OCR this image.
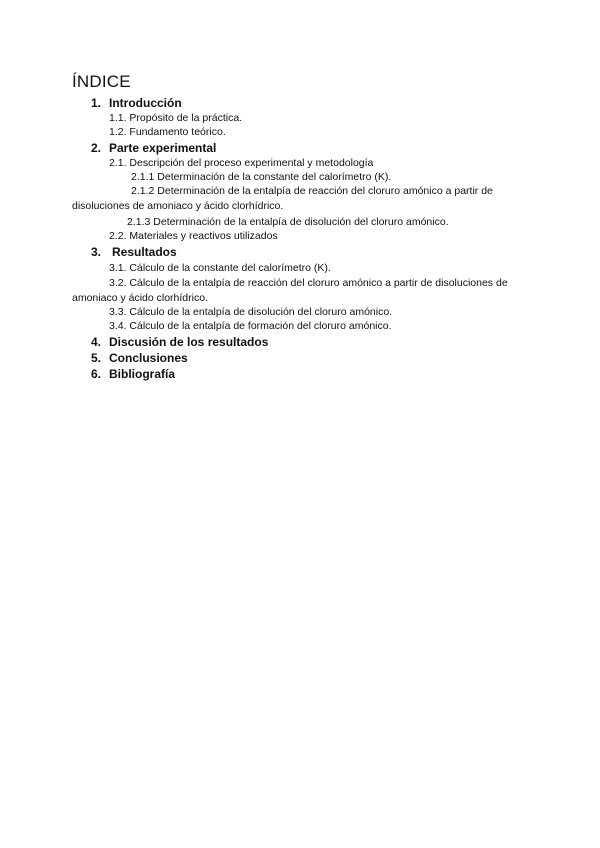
ÍNDICE
1. Introducción
1.1. Propósito de la práctica.
1.2. Fundamento teórico.
2. Parte experimental
2.1. Descripción del proceso experimental y metodología
2.1.1 Determinación de la constante del calorímetro (K).
2.1.2 Determinación de la entalpía de reacción del cloruro amónico a partir de disoluciones de amoniaco y ácido clorhídrico.
2.1.3 Determinación de la entalpía de disolución del cloruro amónico.
2.2. Materiales y reactivos utilizados
3. Resultados
3.1. Cálculo de la constante del calorímetro (K).
3.2. Cálculo de la entalpía de reacción del cloruro amónico a partir de disoluciones de amoniaco y ácido clorhídrico.
3.3. Cálculo de la entalpía de disolución del cloruro amónico.
3.4. Cálculo de la entalpía de formación del cloruro amónico.
4. Discusión de los resultados
5. Conclusiones
6. Bibliografía
